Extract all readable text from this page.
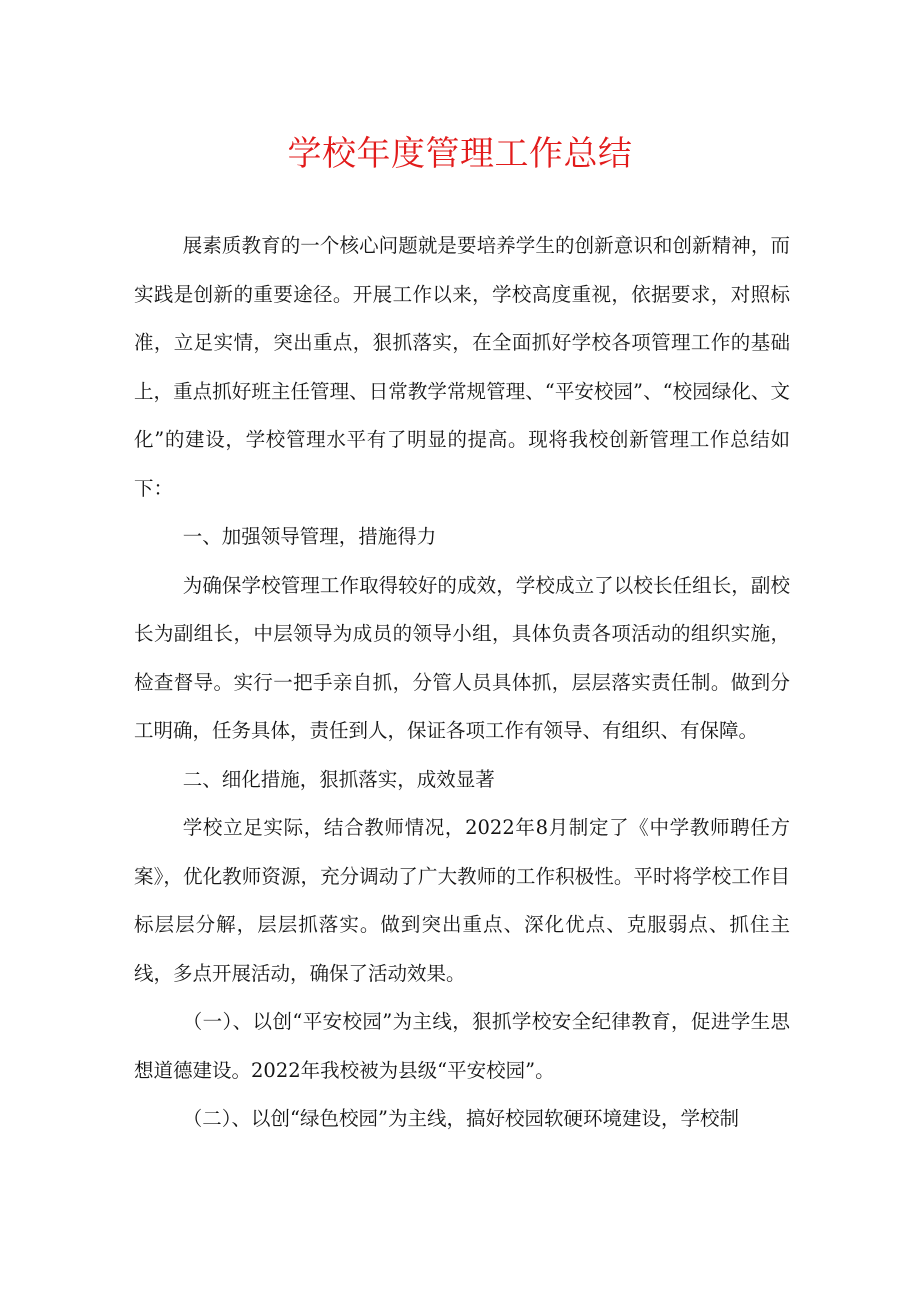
学校年度管理工作总结

展素质教育的一个核心问题就是要培养学生的创新意识和创新精神，而实践是创新的重要途径。开展工作以来，学校高度重视，依据要求，对照标准，立足实情，突出重点，狠抓落实，在全面抓好学校各项管理工作的基础上，重点抓好班主任管理、日常教学常规管理、“平安校园”、“校园绿化、文化”的建设，学校管理水平有了明显的提高。现将我校创新管理工作总结如下：

一、加强领导管理，措施得力

为确保学校管理工作取得较好的成效，学校成立了以校长任组长，副校长为副组长，中层领导为成员的领导小组，具体负责各项活动的组织实施，检查督导。实行一把手亲自抓，分管人员具体抓，层层落实责任制。做到分工明确，任务具体，责任到人，保证各项工作有领导、有组织、有保障。

二、细化措施，狠抓落实，成效显著

学校立足实际，结合教师情况，2022年8月制定了《中学教师聘任方案》，优化教师资源，充分调动了广大教师的工作积极性。平时将学校工作目标层层分解，层层抓落实。做到突出重点、深化优点、克服弱点、抓住主线，多点开展活动，确保了活动效果。

（一）、以创“平安校园”为主线，狠抓学校安全纪律教育，促进学生思想道德建设。2022年我校被为县级“平安校园”。

（二）、以创“绿色校园”为主线，搞好校园软硬环境建设，学校制
